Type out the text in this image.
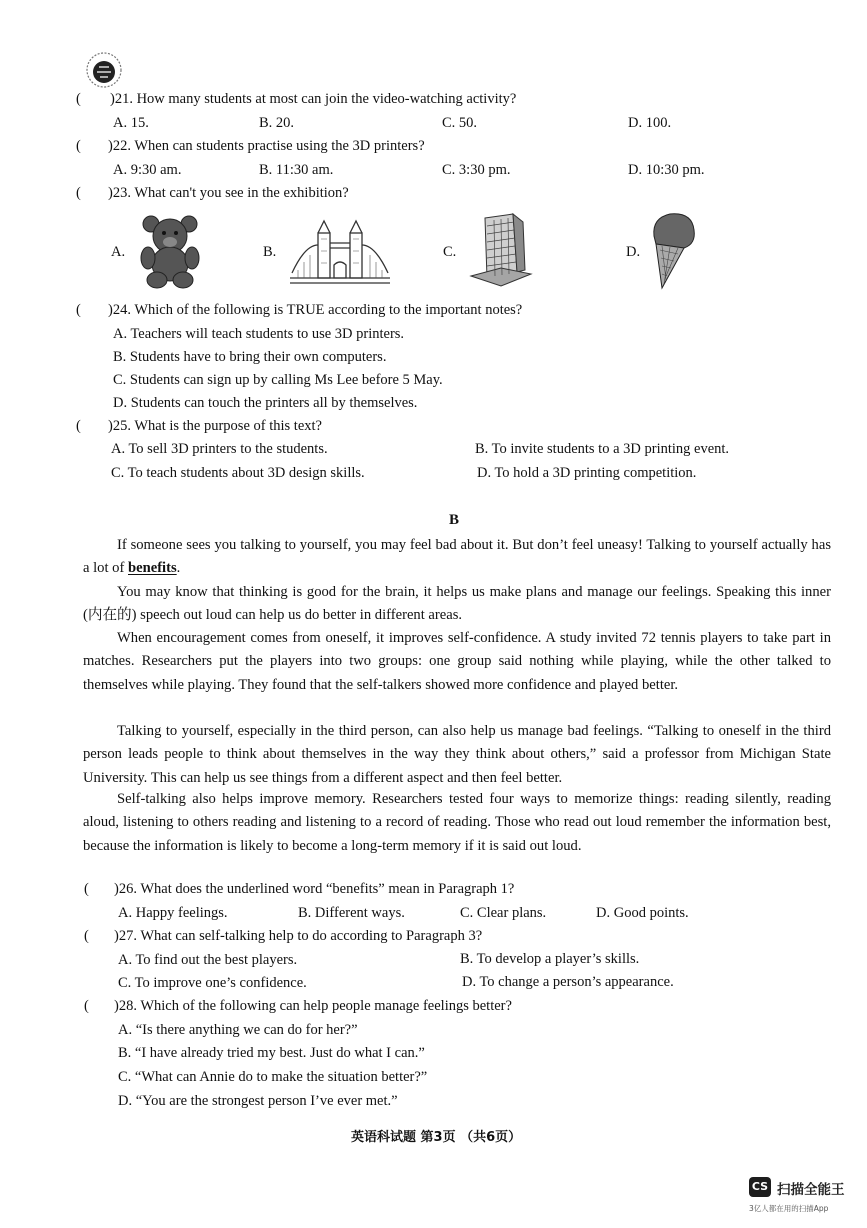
( )21. How many students at most can join the video-watching activity?
A. 15.	B. 20.	C. 50.	D. 100.
( )22. When can students practise using the 3D printers?
A. 9:30 am.	B. 11:30 am.	C. 3:30 pm.	D. 10:30 pm.
( )23. What can't you see in the exhibition?
A.	B.	C.	D.
( )24. Which of the following is TRUE according to the important notes?
A. Teachers will teach students to use 3D printers.
B. Students have to bring their own computers.
C. Students can sign up by calling Ms Lee before 5 May.
D. Students can touch the printers all by themselves.
( )25. What is the purpose of this text?
A. To sell 3D printers to the students.	B. To invite students to a 3D printing event.
C. To teach students about 3D design skills.	D. To hold a 3D printing competition.
B
If someone sees you talking to yourself, you may feel bad about it. But don’t feel uneasy! Talking to yourself actually has a lot of benefits.
You may know that thinking is good for the brain, it helps us make plans and manage our feelings. Speaking this inner (内在的) speech out loud can help us do better in different areas.
When encouragement comes from oneself, it improves self-confidence. A study invited 72 tennis players to take part in matches. Researchers put the players into two groups: one group said nothing while playing, while the other talked to themselves while playing. They found that the self-talkers showed more confidence and played better.
Talking to yourself, especially in the third person, can also help us manage bad feelings. “Talking to oneself in the third person leads people to think about themselves in the way they think about others,” said a professor from Michigan State University. This can help us see things from a different aspect and then feel better.
Self-talking also helps improve memory. Researchers tested four ways to memorize things: reading silently, reading aloud, listening to others reading and listening to a record of reading. Those who read out loud remember the information best, because the information is likely to become a long-term memory if it is said out loud.
( )26. What does the underlined word “benefits” mean in Paragraph 1?
A. Happy feelings.	B. Different ways.	C. Clear plans.	D. Good points.
( )27. What can self-talking help to do according to Paragraph 3?
A. To find out the best players.	B. To develop a player’s skills.
C. To improve one’s confidence.	D. To change a person’s appearance.
( )28. Which of the following can help people manage feelings better?
A. “Is there anything we can do for her?”
B. “I have already tried my best. Just do what I can.”
C. “What can Annie do to make the situation better?”
D. “You are the strongest person I’ve ever met.”
英语科试题 第3页 （共6页）
CS 扫描全能王
3亿人都在用的扫描App
